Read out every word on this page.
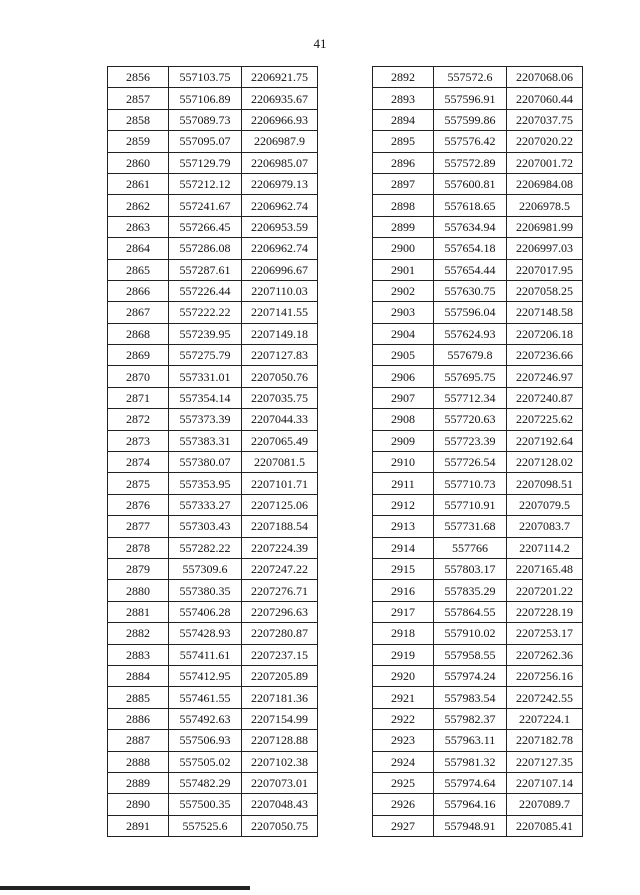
41
2856	557103.75	2206921.75
2857	557106.89	2206935.67
2858	557089.73	2206966.93
2859	557095.07	2206987.9
2860	557129.79	2206985.07
2861	557212.12	2206979.13
2862	557241.67	2206962.74
2863	557266.45	2206953.59
2864	557286.08	2206962.74
2865	557287.61	2206996.67
2866	557226.44	2207110.03
2867	557222.22	2207141.55
2868	557239.95	2207149.18
2869	557275.79	2207127.83
2870	557331.01	2207050.76
2871	557354.14	2207035.75
2872	557373.39	2207044.33
2873	557383.31	2207065.49
2874	557380.07	2207081.5
2875	557353.95	2207101.71
2876	557333.27	2207125.06
2877	557303.43	2207188.54
2878	557282.22	2207224.39
2879	557309.6	2207247.22
2880	557380.35	2207276.71
2881	557406.28	2207296.63
2882	557428.93	2207280.87
2883	557411.61	2207237.15
2884	557412.95	2207205.89
2885	557461.55	2207181.36
2886	557492.63	2207154.99
2887	557506.93	2207128.88
2888	557505.02	2207102.38
2889	557482.29	2207073.01
2890	557500.35	2207048.43
2891	557525.6	2207050.75
2892	557572.6	2207068.06
2893	557596.91	2207060.44
2894	557599.86	2207037.75
2895	557576.42	2207020.22
2896	557572.89	2207001.72
2897	557600.81	2206984.08
2898	557618.65	2206978.5
2899	557634.94	2206981.99
2900	557654.18	2206997.03
2901	557654.44	2207017.95
2902	557630.75	2207058.25
2903	557596.04	2207148.58
2904	557624.93	2207206.18
2905	557679.8	2207236.66
2906	557695.75	2207246.97
2907	557712.34	2207240.87
2908	557720.63	2207225.62
2909	557723.39	2207192.64
2910	557726.54	2207128.02
2911	557710.73	2207098.51
2912	557710.91	2207079.5
2913	557731.68	2207083.7
2914	557766	2207114.2
2915	557803.17	2207165.48
2916	557835.29	2207201.22
2917	557864.55	2207228.19
2918	557910.02	2207253.17
2919	557958.55	2207262.36
2920	557974.24	2207256.16
2921	557983.54	2207242.55
2922	557982.37	2207224.1
2923	557963.11	2207182.78
2924	557981.32	2207127.35
2925	557974.64	2207107.14
2926	557964.16	2207089.7
2927	557948.91	2207085.41
